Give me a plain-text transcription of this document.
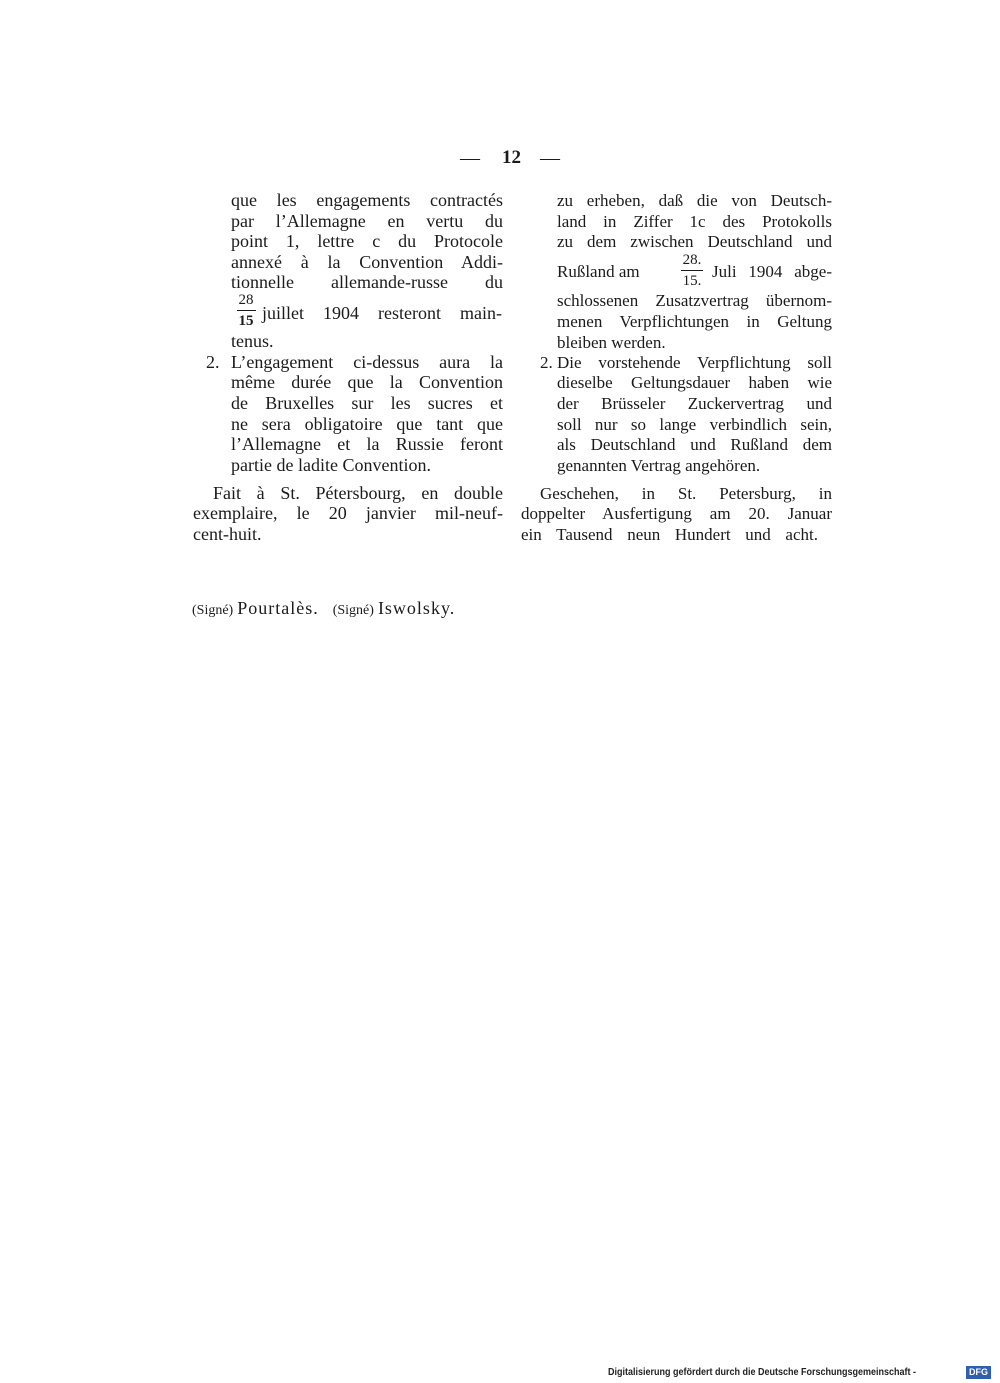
— 12 —
que les engagements contractés
par l’Allemagne en vertu du
point 1, lettre c du Protocole
annexé à la Convention Addi-
tionnelle allemande-russe du
$\frac{28}{15}$ juillet 1904 resteront main-
tenus.
2. L’engagement ci-dessus aura la
même durée que la Convention
de Bruxelles sur les sucres et
ne sera obligatoire que tant que
l’Allemagne et la Russie feront
partie de ladite Convention.
Fait à St. Pétersbourg, en double
exemplaire, le 20 janvier mil-neuf-
cent-huit.
zu erheben, daß die von Deutsch-
land in Ziffer 1c des Protokolls
zu dem zwischen Deutschland und
Rußland am $\frac{28.}{15.}$ Juli 1904 abge-
schlossenen Zusatzvertrag übernom-
menen Verpflichtungen in Geltung
bleiben werden.
2. Die vorstehende Verpflichtung soll
dieselbe Geltungsdauer haben wie
der Brüsseler Zuckervertrag und
soll nur so lange verbindlich sein,
als Deutschland und Rußland dem
genannten Vertrag angehören.
Geschehen, in St. Petersburg, in
doppelter Ausfertigung am 20. Januar
ein Tausend neun Hundert und acht.
(Signé) Pourtalès. (Signé) Iswolsky.
Digitalisierung gefördert durch die Deutsche Forschungsgemeinschaft -	DFG
